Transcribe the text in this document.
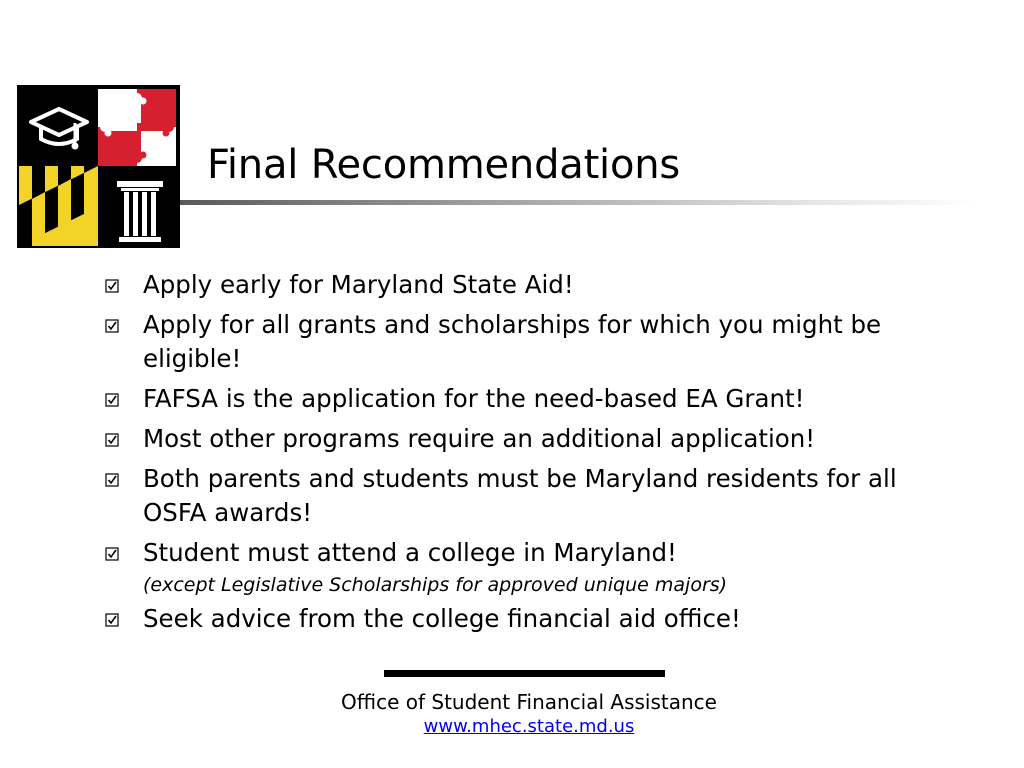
Final Recommendations
Apply early for Maryland State Aid!
Apply for all grants and scholarships for which you might be eligible!
FAFSA is the application for the need-based EA Grant!
Most other programs require an additional application!
Both parents and students must be Maryland residents for all OSFA awards!
Student must attend a college in Maryland!
(except Legislative Scholarships for approved unique majors)
Seek advice from the college financial aid office!
Office of Student Financial Assistance
www.mhec.state.md.us
